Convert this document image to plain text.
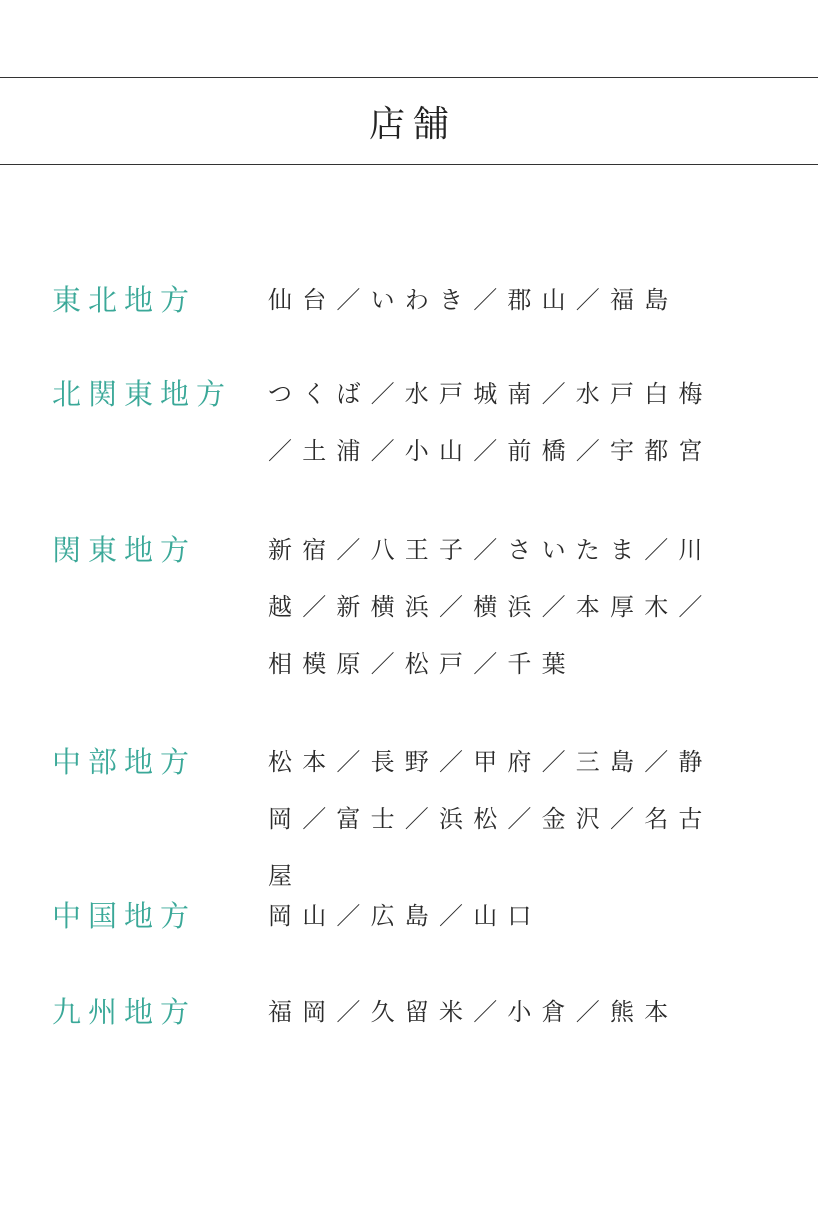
店舗
東北地方	仙台／いわき／郡山／福島
北関東地方 つくば／水戸城南／水戸白梅／土浦／小山／前橋／宇都宮
関東地方	新宿／八王子／さいたま／川越／新横浜／横浜／本厚木／相模原／松戸／千葉
中部地方	松本／長野／甲府／三島／静岡／富士／浜松／金沢／名古屋
中国地方	岡山／広島／山口
九州地方	福岡／久留米／小倉／熊本
